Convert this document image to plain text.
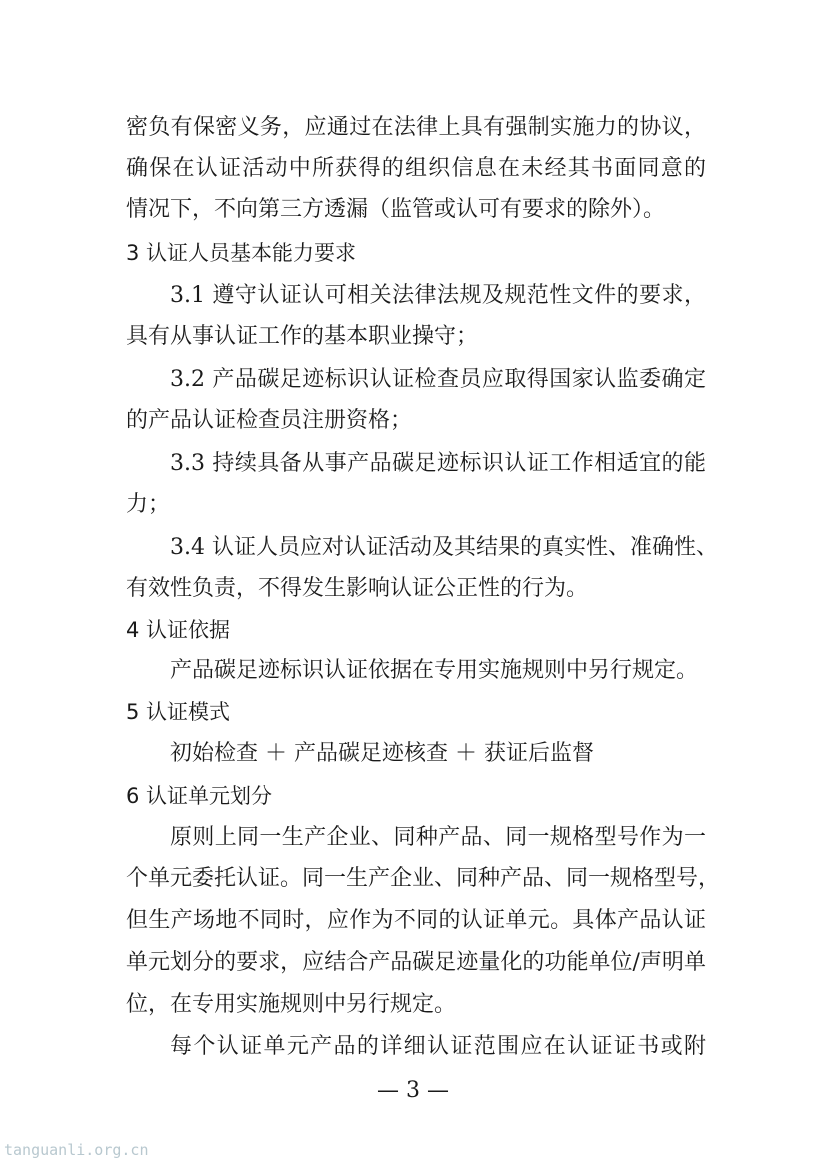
密负有保密义务，应通过在法律上具有强制实施力的协议，
确保在认证活动中所获得的组织信息在未经其书面同意的
情况下，不向第三方透漏（监管或认可有要求的除外）。
3 认证人员基本能力要求
3.1 遵守认证认可相关法律法规及规范性文件的要求，
具有从事认证工作的基本职业操守；
3.2 产品碳足迹标识认证检查员应取得国家认监委确定
的产品认证检查员注册资格；
3.3 持续具备从事产品碳足迹标识认证工作相适宜的能
力；
3.4 认证人员应对认证活动及其结果的真实性、准确性、
有效性负责，不得发生影响认证公正性的行为。
4 认证依据
产品碳足迹标识认证依据在专用实施规则中另行规定。
5 认证模式
初始检查 ＋ 产品碳足迹核查 ＋ 获证后监督
6 认证单元划分
原则上同一生产企业、同种产品、同一规格型号作为一
个单元委托认证。同一生产企业、同种产品、同一规格型号，
但生产场地不同时，应作为不同的认证单元。具体产品认证
单元划分的要求，应结合产品碳足迹量化的功能单位/声明单
位，在专用实施规则中另行规定。
每个认证单元产品的详细认证范围应在认证证书或附
— 3 —
tanguanli.org.cn
